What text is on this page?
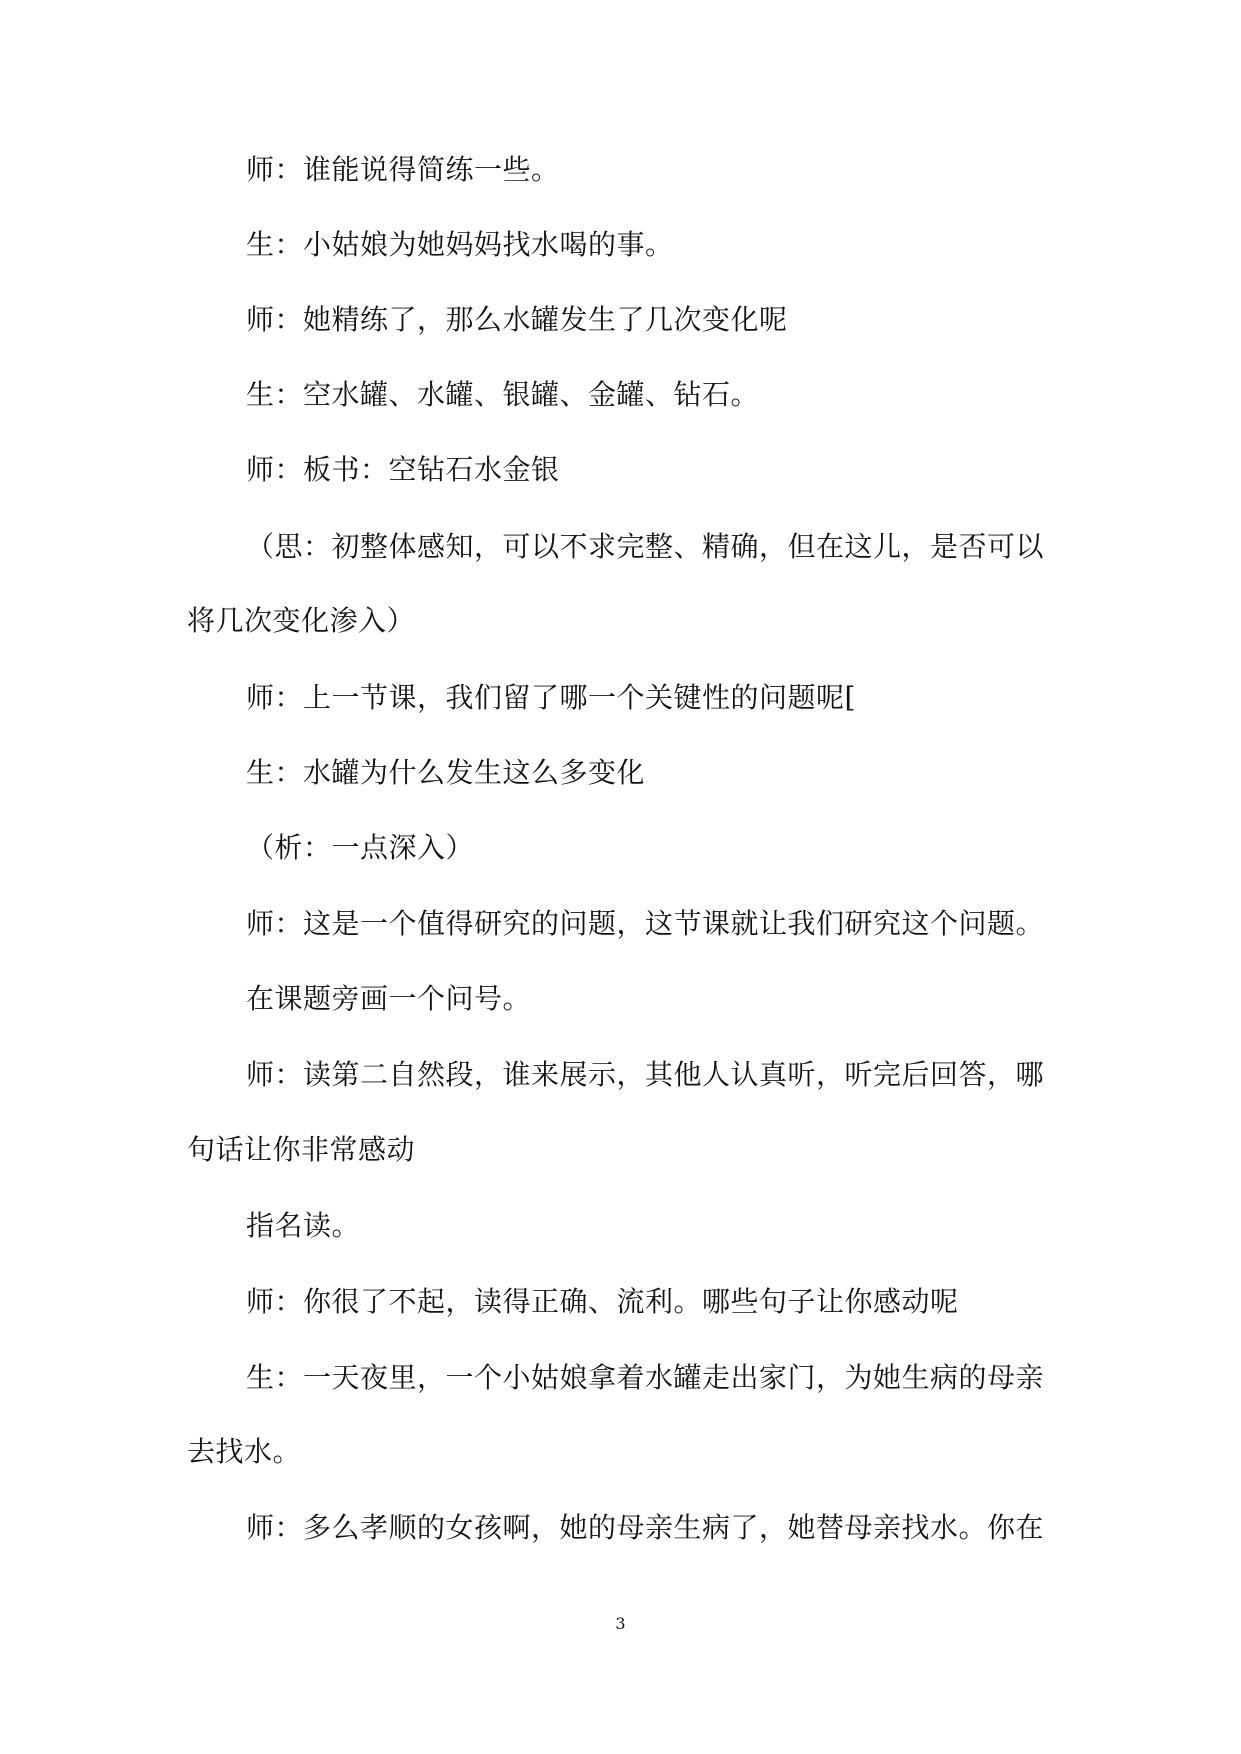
师：谁能说得简练一些。
生：小姑娘为她妈妈找水喝的事。
师：她精练了，那么水罐发生了几次变化呢
生：空水罐、水罐、银罐、金罐、钻石。
师：板书：空钻石水金银
（思：初整体感知，可以不求完整、精确，但在这儿，是否可以
将几次变化渗入）
师：上一节课，我们留了哪一个关键性的问题呢[
生：水罐为什么发生这么多变化
（析：一点深入）
师：这是一个值得研究的问题，这节课就让我们研究这个问题。
在课题旁画一个问号。
师：读第二自然段，谁来展示，其他人认真听，听完后回答，哪
句话让你非常感动
指名读。
师：你很了不起，读得正确、流利。哪些句子让你感动呢
生：一天夜里，一个小姑娘拿着水罐走出家门，为她生病的母亲
去找水。
师：多么孝顺的女孩啊，她的母亲生病了，她替母亲找水。你在
3
